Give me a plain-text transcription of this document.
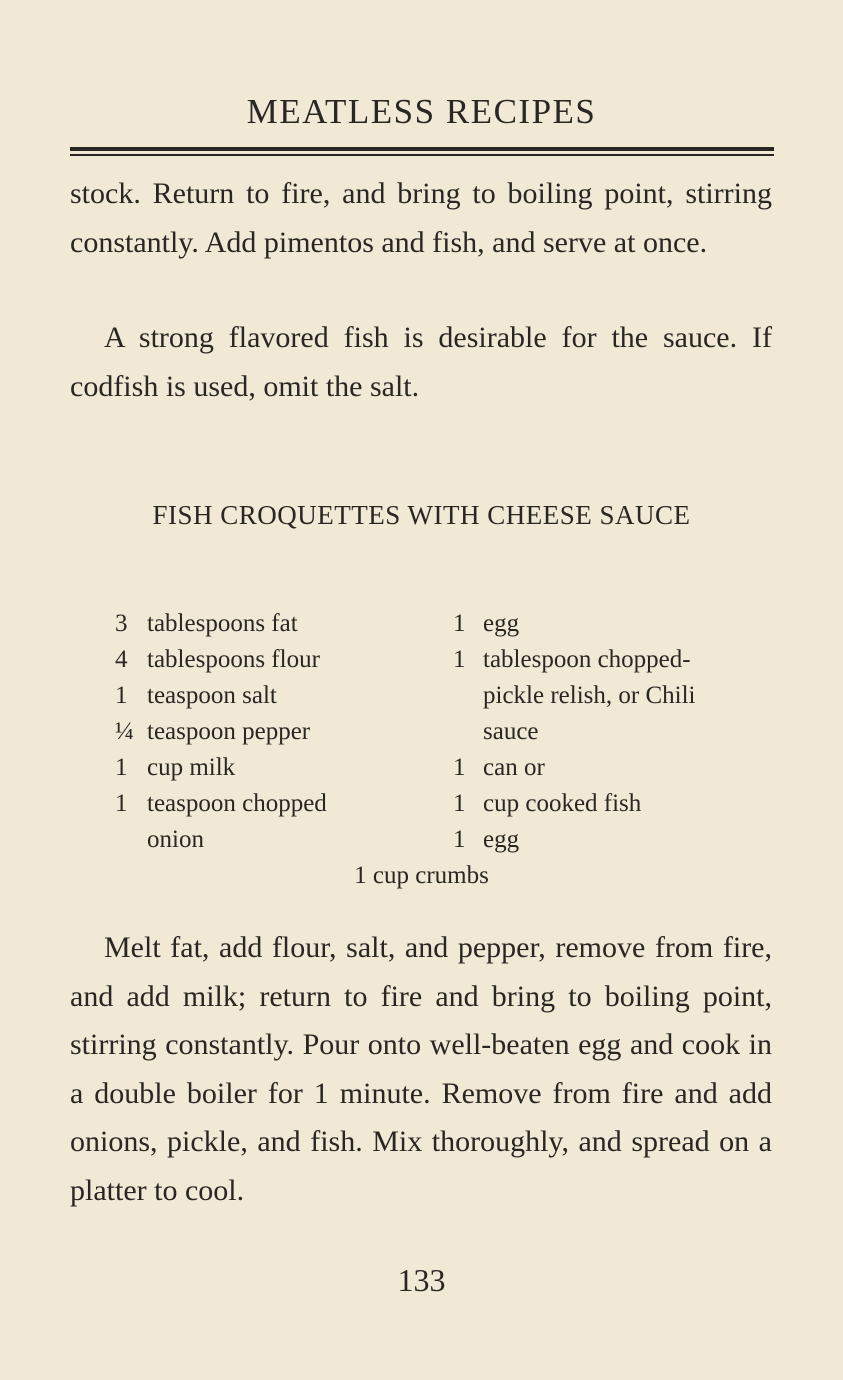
MEATLESS RECIPES

stock. Return to fire, and bring to boiling point, stirring constantly. Add pimentos and fish, and serve at once.

A strong flavored fish is desirable for the sauce. If codfish is used, omit the salt.

FISH CROQUETTES WITH CHEESE SAUCE
3 tablespoons fat
4 tablespoons flour
1 teaspoon salt
¼ teaspoon pepper
1 cup milk
1 teaspoon chopped
onion
1 egg
1 tablespoon chopped-
pickle relish, or Chili
sauce
1 can or
1 cup cooked fish
1 egg
1 cup crumbs

Melt fat, add flour, salt, and pepper, remove from fire, and add milk; return to fire and bring to boiling point, stirring constantly. Pour onto well-beaten egg and cook in a double boiler for 1 minute. Remove from fire and add onions, pickle, and fish. Mix thoroughly, and spread on a platter to cool.

133
